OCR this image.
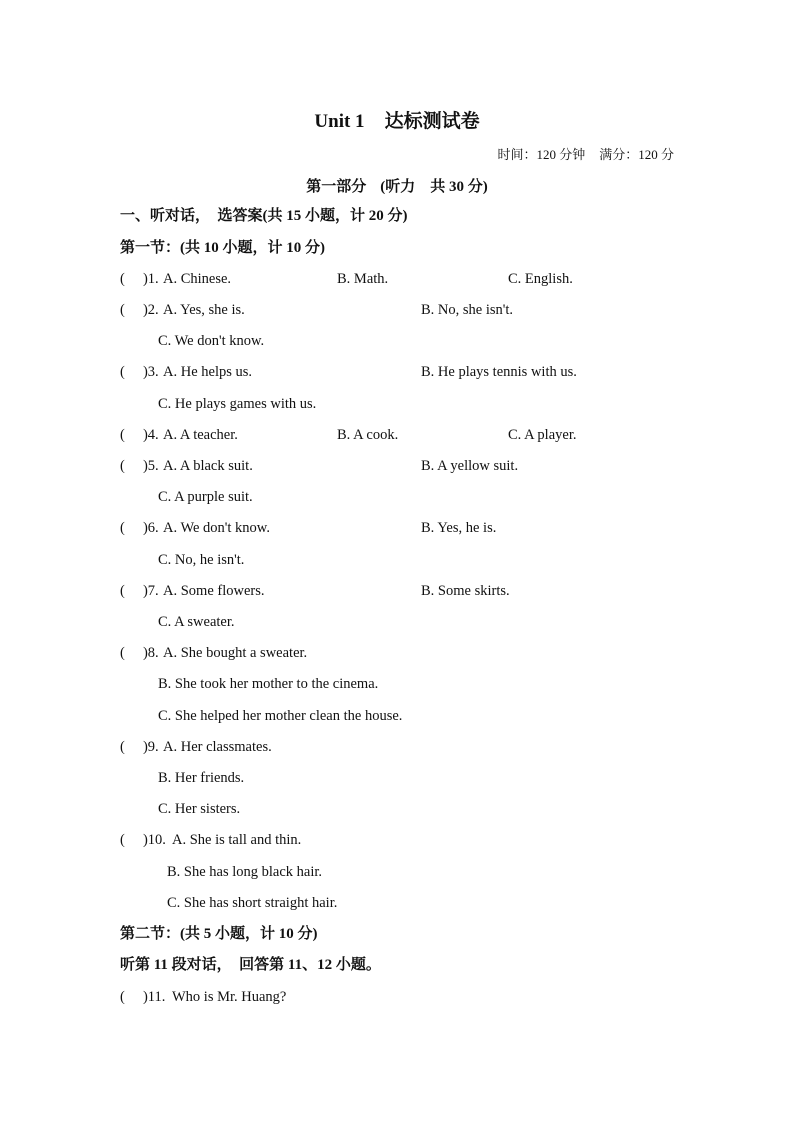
Unit 1 达标测试卷
时间：120 分钟 满分：120 分
第一部分 (听力　共 30 分)
一、听对话，　选答案(共 15 小题，计 20 分)
第一节：(共 10 小题，计 10 分)
( 　)1. A. Chinese.	B. Math.	C. English.
( 　)2. A. Yes, she is.	B. No, she isn't.
C. We don't know.
( 　)3. A. He helps us.	B. He plays tennis with us.
C. He plays games with us.
( 　)4. A. A teacher.	B. A cook.	C. A player.
( 　)5. A. A black suit.	B. A yellow suit.
C. A purple suit.
( 　)6. A. We don't know.	B. Yes, he is.
C. No, he isn't.
( 　)7. A. Some flowers.	B. Some skirts.
C. A sweater.
( 　)8. A. She bought a sweater.
B. She took her mother to the cinema.
C. She helped her mother clean the house.
( 　)9. A. Her classmates.
B. Her friends.
C. Her sisters.
( 　)10. A. She is tall and thin.
B. She has long black hair.
C. She has short straight hair.
第二节：(共 5 小题，计 10 分)
听第 11 段对话，　回答第 11、12 小题。
( 　)11. Who is Mr. Huang?
